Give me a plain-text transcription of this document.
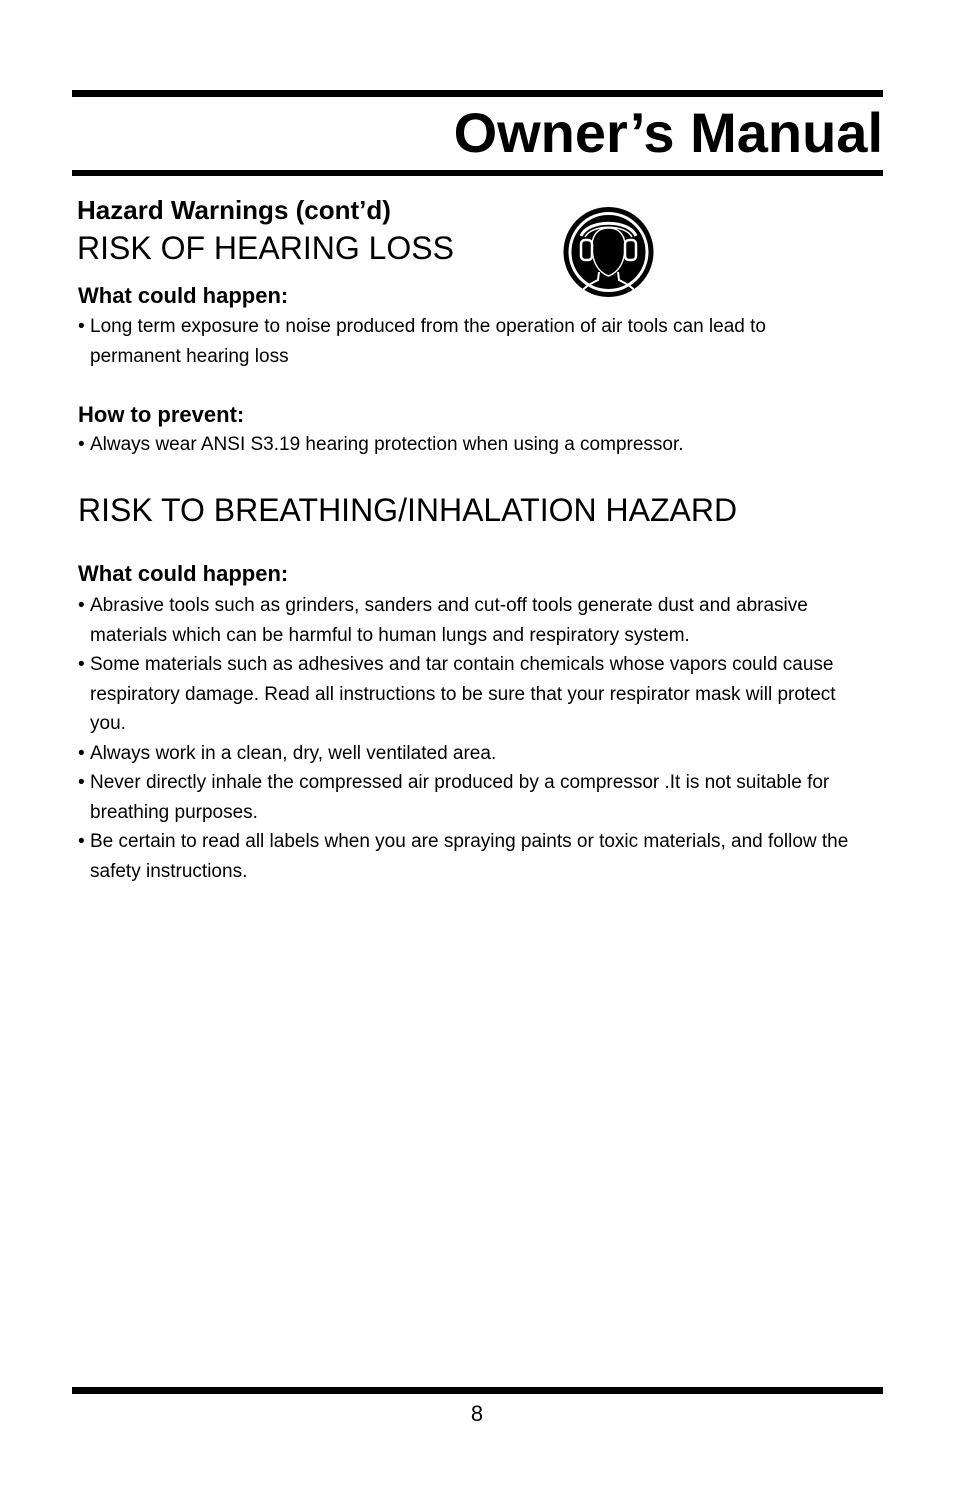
Owner’s Manual
Hazard Warnings (cont’d)
RISK OF HEARING LOSS
What could happen:
• Long term exposure to noise produced from the operation of air tools can lead to permanent hearing loss
How to prevent:
• Always wear ANSI S3.19 hearing protection when using a compressor.
RISK TO BREATHING/INHALATION HAZARD
What could happen:
• Abrasive tools such as grinders, sanders and cut-off tools generate dust and abrasive materials which can be harmful to human lungs and respiratory system.
• Some materials such as adhesives and tar contain chemicals whose vapors could cause respiratory damage. Read all instructions to be sure that your respirator mask will protect you.
• Always work in a clean, dry, well ventilated area.
• Never directly inhale the compressed air produced by a compressor .It is not suitable for breathing purposes.
• Be certain to read all labels when you are spraying paints or toxic materials, and follow the safety instructions.
8
